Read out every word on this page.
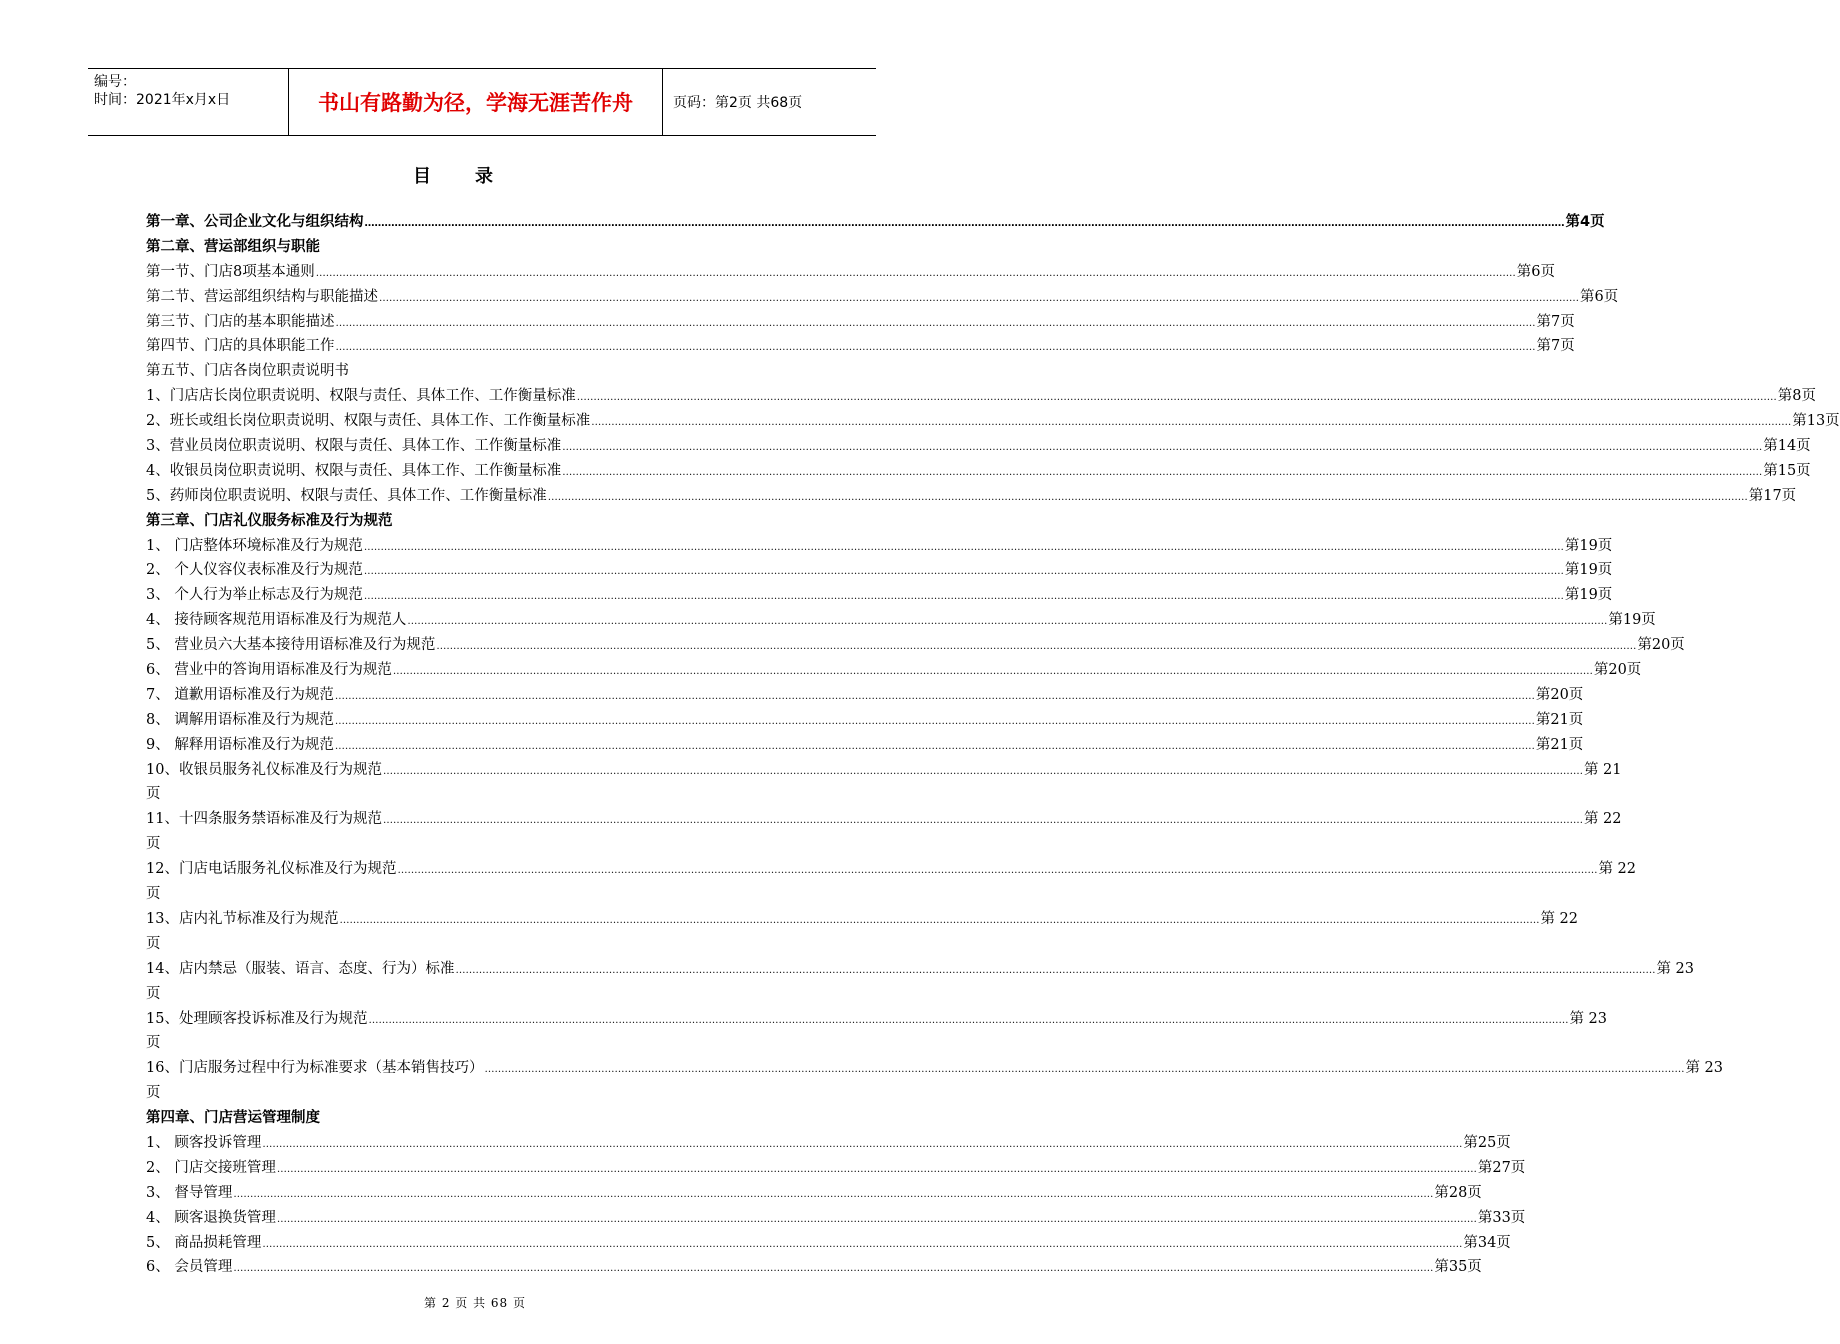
编号：
时间：2021年x月x日	书山有路勤为径，学海无涯苦作舟	页码：第2页 共68页
目录
第一章、公司企业文化与组织结构 ……………………………………………………………………………………………………………………………………………………………………………………………………………………………………………………………………………………………………………………………… 第4页
第二章、营运部组织与职能
第一节、门店8项基本通则 ……………………………………………………………………………………………………………………………………………………………………………………………………………………………………………………………………………………………………………………………… 第6页
第二节、营运部组织结构与职能描述 ……………………………………………………………………………………………………………………………………………………………………………………………………………………………………………………………………………………………………………………………… 第6页
第三节、门店的基本职能描述 ……………………………………………………………………………………………………………………………………………………………………………………………………………………………………………………………………………………………………………………………… 第7页
第四节、门店的具体职能工作 ……………………………………………………………………………………………………………………………………………………………………………………………………………………………………………………………………………………………………………………………… 第7页
第五节、门店各岗位职责说明书
1、门店店长岗位职责说明、权限与责任、具体工作、工作衡量标准 ……………………………………………………………………………………………………………………………………………………………………………………………………………………………………………………………………………………………………………………………… 第8页
2、班长或组长岗位职责说明、权限与责任、具体工作、工作衡量标准 ……………………………………………………………………………………………………………………………………………………………………………………………………………………………………………………………………………………………………………………………… 第13页
3、营业员岗位职责说明、权限与责任、具体工作、工作衡量标准 ……………………………………………………………………………………………………………………………………………………………………………………………………………………………………………………………………………………………………………………………… 第14页
4、收银员岗位职责说明、权限与责任、具体工作、工作衡量标准 ……………………………………………………………………………………………………………………………………………………………………………………………………………………………………………………………………………………………………………………………… 第15页
5、药师岗位职责说明、权限与责任、具体工作、工作衡量标准 ……………………………………………………………………………………………………………………………………………………………………………………………………………………………………………………………………………………………………………………………… 第17页
第三章、门店礼仪服务标准及行为规范
1、 门店整体环境标准及行为规范 ……………………………………………………………………………………………………………………………………………………………………………………………………………………………………………………………………………………………………………………………… 第19页
2、 个人仪容仪表标准及行为规范 ……………………………………………………………………………………………………………………………………………………………………………………………………………………………………………………………………………………………………………………………… 第19页
3、 个人行为举止标志及行为规范 ……………………………………………………………………………………………………………………………………………………………………………………………………………………………………………………………………………………………………………………………… 第19页
4、 接待顾客规范用语标准及行为规范人 ……………………………………………………………………………………………………………………………………………………………………………………………………………………………………………………………………………………………………………………………… 第19页
5、 营业员六大基本接待用语标准及行为规范 ……………………………………………………………………………………………………………………………………………………………………………………………………………………………………………………………………………………………………………………………… 第20页
6、 营业中的答询用语标准及行为规范 ……………………………………………………………………………………………………………………………………………………………………………………………………………………………………………………………………………………………………………………………… 第20页
7、 道歉用语标准及行为规范 ……………………………………………………………………………………………………………………………………………………………………………………………………………………………………………………………………………………………………………………………… 第20页
8、 调解用语标准及行为规范 ……………………………………………………………………………………………………………………………………………………………………………………………………………………………………………………………………………………………………………………………… 第21页
9、 解释用语标准及行为规范 ……………………………………………………………………………………………………………………………………………………………………………………………………………………………………………………………………………………………………………………………… 第21页
10、收银员服务礼仪标准及行为规范 ……………………………………………………………………………………………………………………………………………………………………………………………………………………………………………………………………………………………………………………………… 第 21
页
11、十四条服务禁语标准及行为规范 ……………………………………………………………………………………………………………………………………………………………………………………………………………………………………………………………………………………………………………………………… 第 22
页
12、门店电话服务礼仪标准及行为规范 ……………………………………………………………………………………………………………………………………………………………………………………………………………………………………………………………………………………………………………………………… 第 22
页
13、店内礼节标准及行为规范 ……………………………………………………………………………………………………………………………………………………………………………………………………………………………………………………………………………………………………………………………… 第 22
页
14、店内禁忌（服装、语言、态度、行为）标准 ……………………………………………………………………………………………………………………………………………………………………………………………………………………………………………………………………………………………………………………………… 第 23
页
15、处理顾客投诉标准及行为规范 ……………………………………………………………………………………………………………………………………………………………………………………………………………………………………………………………………………………………………………………………… 第 23
页
16、门店服务过程中行为标准要求（基本销售技巧） ……………………………………………………………………………………………………………………………………………………………………………………………………………………………………………………………………………………………………………………………… 第 23
页
第四章、门店营运管理制度
1、 顾客投诉管理 ……………………………………………………………………………………………………………………………………………………………………………………………………………………………………………………………………………………………………………………………… 第25页
2、 门店交接班管理 ……………………………………………………………………………………………………………………………………………………………………………………………………………………………………………………………………………………………………………………………… 第27页
3、 督导管理 ……………………………………………………………………………………………………………………………………………………………………………………………………………………………………………………………………………………………………………………………… 第28页
4、 顾客退换货管理 ……………………………………………………………………………………………………………………………………………………………………………………………………………………………………………………………………………………………………………………………… 第33页
5、 商品损耗管理 ……………………………………………………………………………………………………………………………………………………………………………………………………………………………………………………………………………………………………………………………… 第34页
6、 会员管理 ……………………………………………………………………………………………………………………………………………………………………………………………………………………………………………………………………………………………………………………………… 第35页
第 2 页 共 68 页
